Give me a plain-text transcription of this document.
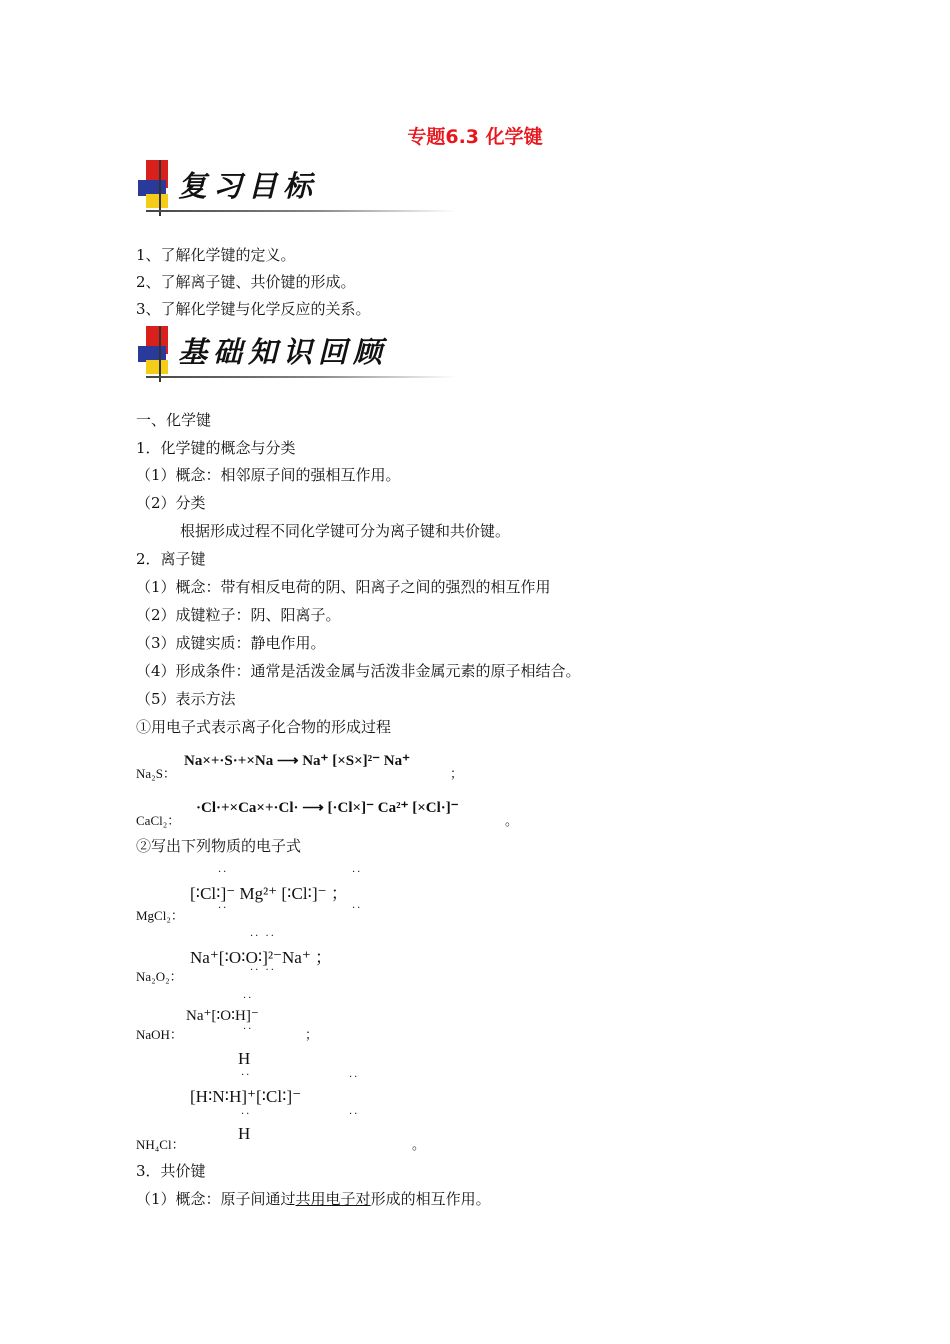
专题6.3 化学键
复习目标
1、了解化学键的定义。
2、了解离子键、共价键的形成。
3、了解化学键与化学反应的关系。
基础知识回顾
一、化学键
1．化学键的概念与分类
（1）概念：相邻原子间的强相互作用。
（2）分类
根据形成过程不同化学键可分为离子键和共价键。
2．离子键
（1）概念：带有相反电荷的阴、阳离子之间的强烈的相互作用
（2）成键粒子：阴、阳离子。
（3）成键实质：静电作用。
（4）形成条件：通常是活泼金属与活泼非金属元素的原子相结合。
（5）表示方法
①用电子式表示离子化合物的形成过程
Na₂S：
Na×+·S·+×Na ⟶ Na⁺ [×S×]²⁻ Na⁺
；
CaCl₂：
·Cl·+×Ca×+·Cl· ⟶ [·Cl×]⁻ Ca²⁺ [×Cl·]⁻
。
②写出下列物质的电子式
··	··
[∶Cl∶]⁻ Mg²⁺ [∶Cl∶]⁻ ；
··	··
MgCl₂：
·· ··
Na⁺[∶O∶O∶]²⁻Na⁺ ；
·· ··
Na₂O₂：
··
Na⁺[∶O∶H]⁻
··
NaOH：	；
H
··	··
[H∶N∶H]⁺[∶Cl∶]⁻
··	··
H
NH₄Cl：	。
3．共价键
（1）概念：原子间通过共用电子对形成的相互作用。
